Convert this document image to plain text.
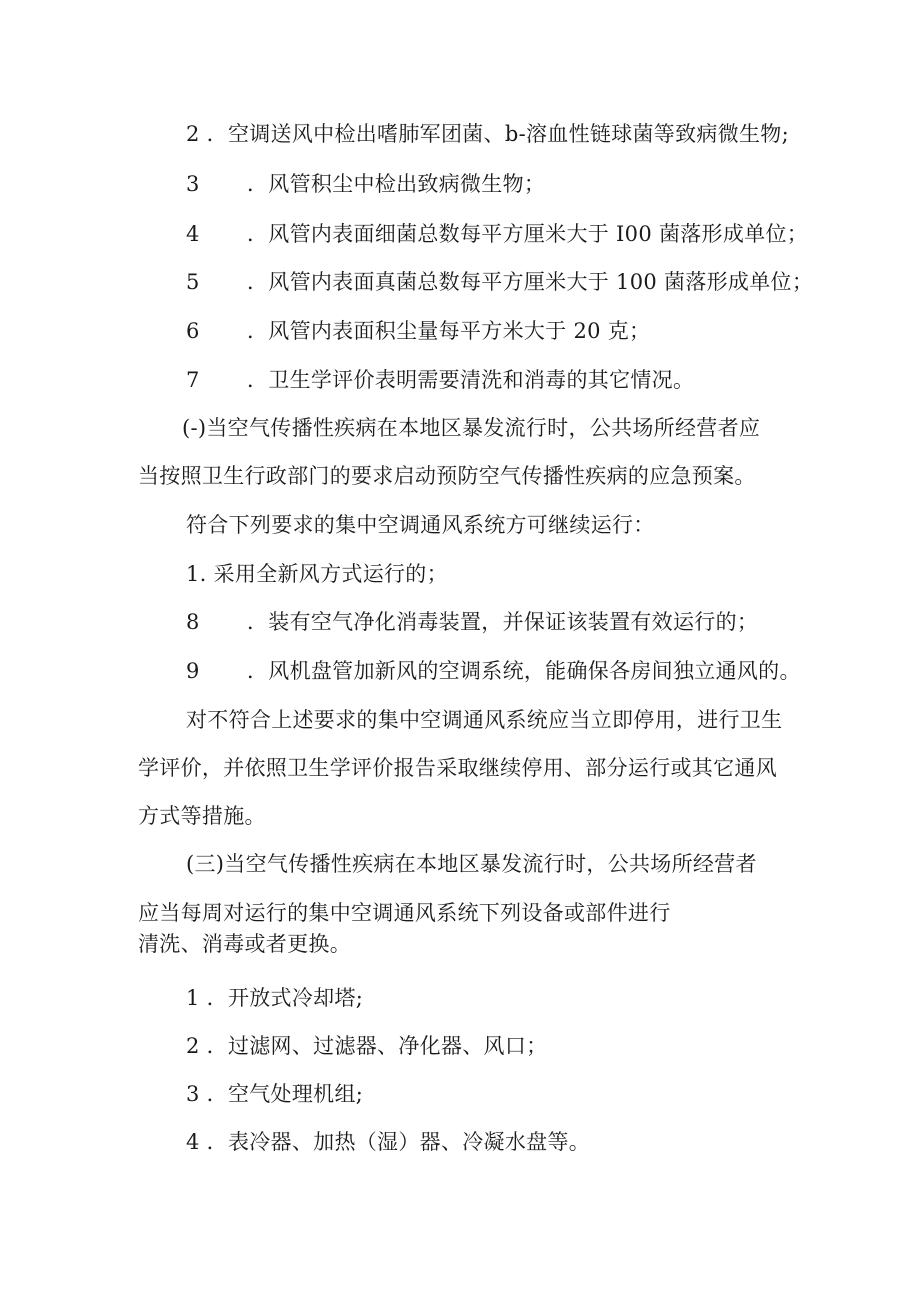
2 ．空调送风中检出嗜肺军团菌、b-溶血性链球菌等致病微生物;
3 ．风管积尘中检出致病微生物；
4 ．风管内表面细菌总数每平方厘米大于 I00 菌落形成单位；
5 ．风管内表面真菌总数每平方厘米大于 100 菌落形成单位；
6 ．风管内表面积尘量每平方米大于 20 克；
7 ．卫生学评价表明需要清洗和消毒的其它情况。
(-)当空气传播性疾病在本地区暴发流行时，公共场所经营者应
当按照卫生行政部门的要求启动预防空气传播性疾病的应急预案。
符合下列要求的集中空调通风系统方可继续运行：
1. 采用全新风方式运行的；
8 ．装有空气净化消毒装置，并保证该装置有效运行的；
9 ．风机盘管加新风的空调系统，能确保各房间独立通风的。
对不符合上述要求的集中空调通风系统应当立即停用，进行卫生
学评价，并依照卫生学评价报告采取继续停用、部分运行或其它通风
方式等措施。
(三)当空气传播性疾病在本地区暴发流行时，公共场所经营者
应当每周对运行的集中空调通风系统下列设备或部件进行
清洗、消毒或者更换。
1 ．开放式冷却塔;
2 ．过滤网、过滤器、净化器、风口；
3 ．空气处理机组;
4 ．表冷器、加热（湿）器、冷凝水盘等。
